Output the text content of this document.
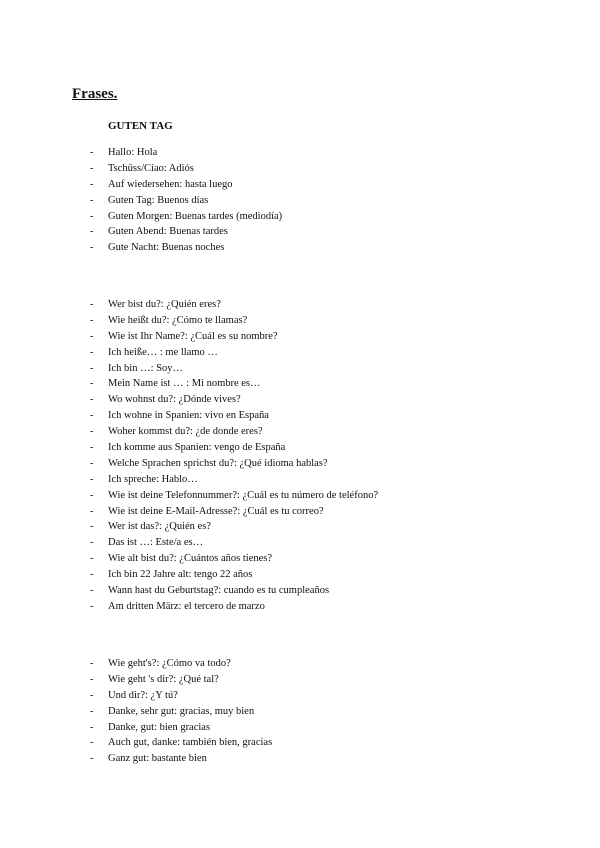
Frases.
GUTEN TAG
- Hallo: Hola
- Tschüss/Ciao: Adiós
- Auf wiedersehen: hasta luego
- Guten Tag: Buenos días
- Guten Morgen: Buenas tardes (mediodía)
- Guten Abend: Buenas tardes
- Gute Nacht: Buenas noches
- Wer bist du?: ¿Quién eres?
- Wie heißt du?: ¿Cómo te llamas?
- Wie ist Ihr Name?: ¿Cuál es su nombre?
- Ich heiße… : me llamo …
- Ich bin …: Soy…
- Mein Name ist … : Mi nombre es…
- Wo wohnst du?: ¿Dónde vives?
- Ich wohne in Spanien: vivo en España
- Woher kommst du?: ¿de donde eres?
- Ich komme aus Spanien: vengo de España
- Welche Sprachen sprichst du?: ¿Qué idioma hablas?
- Ich spreche: Hablo…
- Wie ist deine Telefonnummer?: ¿Cuál es tu número de teléfono?
- Wie ist deine E-Mail-Adresse?: ¿Cuál es tu correo?
- Wer ist das?: ¿Quién es?
- Das ist …: Este/a es…
- Wie alt bist du?: ¿Cuántos años tienes?
- Ich bin 22 Jahre alt: tengo 22 años
- Wann hast du Geburtstag?: cuando es tu cumpleaños
- Am dritten März: el tercero de marzo
- Wie geht's?: ¿Cómo va todo?
- Wie geht 's dir?: ¿Qué tal?
- Und dir?: ¿Y tú?
- Danke, sehr gut: gracias, muy bien
- Danke, gut: bien gracias
- Auch gut, danke: también bien, gracias
- Ganz gut: bastante bien
